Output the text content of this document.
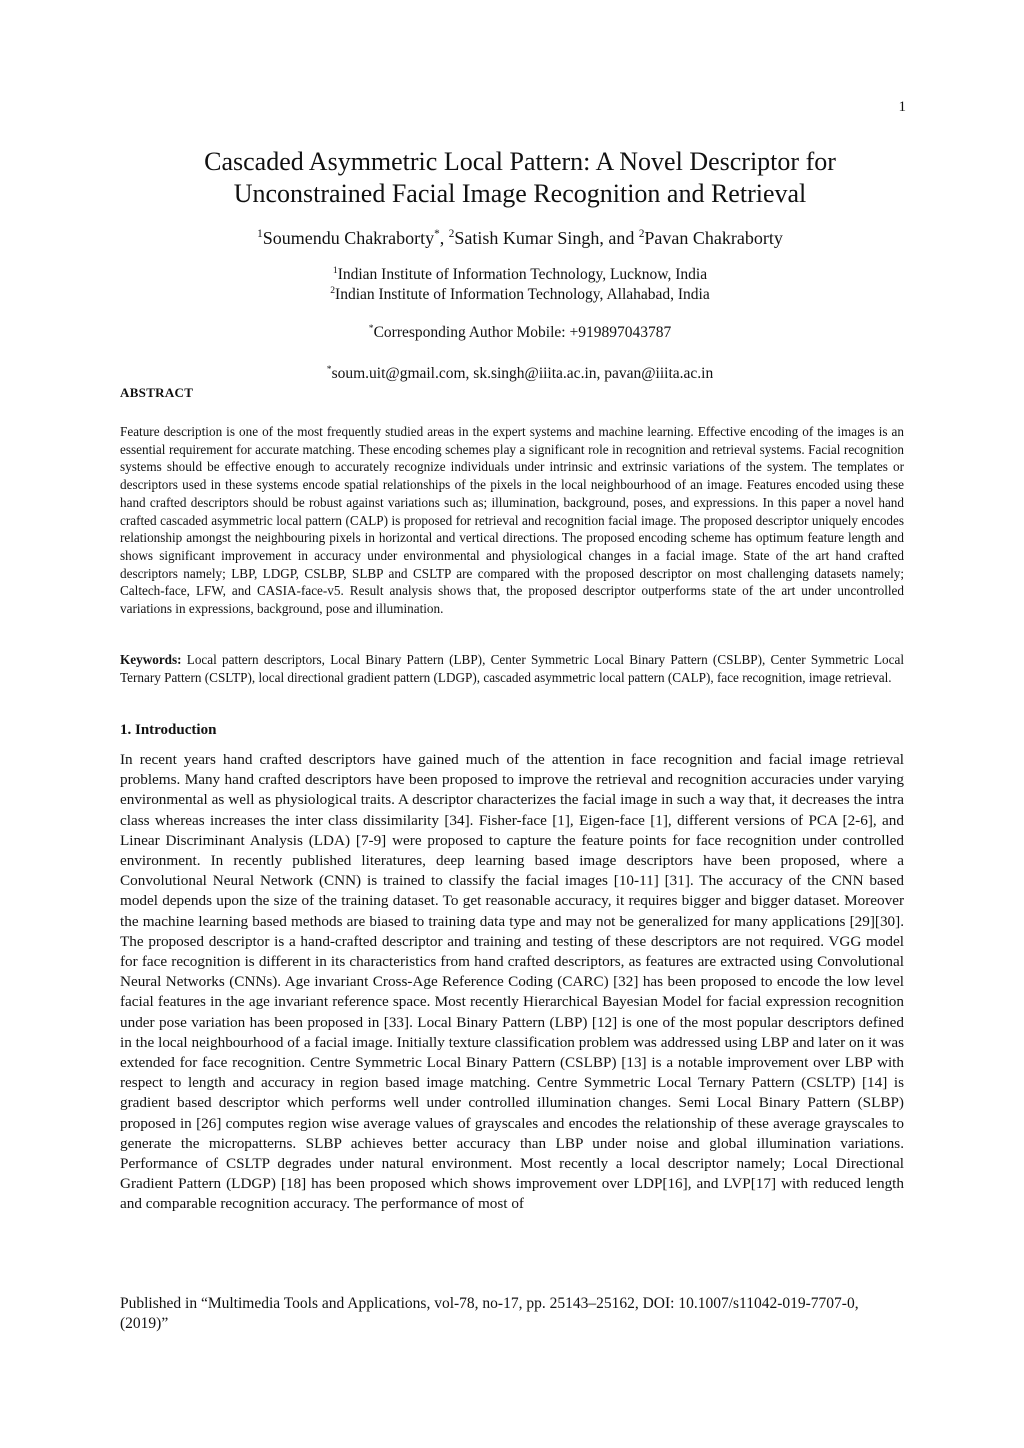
1
Cascaded Asymmetric Local Pattern: A Novel Descriptor for
Unconstrained Facial Image Recognition and Retrieval
$^1$Soumendu Chakraborty*, $^2$Satish Kumar Singh, and $^2$Pavan Chakraborty
$^1$Indian Institute of Information Technology, Lucknow, India
$^2$Indian Institute of Information Technology, Allahabad, India
*Corresponding Author Mobile: +919897043787
*soum.uit@gmail.com, sk.singh@iiita.ac.in, pavan@iiita.ac.in
ABSTRACT

Feature description is one of the most frequently studied areas in the expert systems and machine learning. Effective encoding of the images is an essential requirement for accurate matching. These encoding schemes play a significant role in recognition and retrieval systems. Facial recognition systems should be effective enough to accurately recognize individuals under intrinsic and extrinsic variations of the system. The templates or descriptors used in these systems encode spatial relationships of the pixels in the local neighbourhood of an image. Features encoded using these hand crafted descriptors should be robust against variations such as; illumination, background, poses, and expressions. In this paper a novel hand crafted cascaded asymmetric local pattern (CALP) is proposed for retrieval and recognition facial image. The proposed descriptor uniquely encodes relationship amongst the neighbouring pixels in horizontal and vertical directions. The proposed encoding scheme has optimum feature length and shows significant improvement in accuracy under environmental and physiological changes in a facial image. State of the art hand crafted descriptors namely; LBP, LDGP, CSLBP, SLBP and CSLTP are compared with the proposed descriptor on most challenging datasets namely; Caltech-face, LFW, and CASIA-face-v5. Result analysis shows that, the proposed descriptor outperforms state of the art under uncontrolled variations in expressions, background, pose and illumination.

Keywords: Local pattern descriptors, Local Binary Pattern (LBP), Center Symmetric Local Binary Pattern (CSLBP), Center Symmetric Local Ternary Pattern (CSLTP), local directional gradient pattern (LDGP), cascaded asymmetric local pattern (CALP), face recognition, image retrieval.

1. Introduction

In recent years hand crafted descriptors have gained much of the attention in face recognition and facial image retrieval problems. Many hand crafted descriptors have been proposed to improve the retrieval and recognition accuracies under varying environmental as well as physiological traits. A descriptor characterizes the facial image in such a way that, it decreases the intra class whereas increases the inter class dissimilarity [34]. Fisher-face [1], Eigen-face [1], different versions of PCA [2-6], and Linear Discriminant Analysis (LDA) [7-9] were proposed to capture the feature points for face recognition under controlled environment. In recently published literatures, deep learning based image descriptors have been proposed, where a Convolutional Neural Network (CNN) is trained to classify the facial images [10-11] [31]. The accuracy of the CNN based model depends upon the size of the training dataset. To get reasonable accuracy, it requires bigger and bigger dataset. Moreover the machine learning based methods are biased to training data type and may not be generalized for many applications [29][30]. The proposed descriptor is a hand-crafted descriptor and training and testing of these descriptors are not required. VGG model for face recognition is different in its characteristics from hand crafted descriptors, as features are extracted using Convolutional Neural Networks (CNNs). Age invariant Cross-Age Reference Coding (CARC) [32] has been proposed to encode the low level facial features in the age invariant reference space. Most recently Hierarchical Bayesian Model for facial expression recognition under pose variation has been proposed in [33]. Local Binary Pattern (LBP) [12] is one of the most popular descriptors defined in the local neighbourhood of a facial image. Initially texture classification problem was addressed using LBP and later on it was extended for face recognition. Centre Symmetric Local Binary Pattern (CSLBP) [13] is a notable improvement over LBP with respect to length and accuracy in region based image matching. Centre Symmetric Local Ternary Pattern (CSLTP) [14] is gradient based descriptor which performs well under controlled illumination changes. Semi Local Binary Pattern (SLBP) proposed in [26] computes region wise average values of grayscales and encodes the relationship of these average grayscales to generate the micropatterns. SLBP achieves better accuracy than LBP under noise and global illumination variations. Performance of CSLTP degrades under natural environment. Most recently a local descriptor namely; Local Directional Gradient Pattern (LDGP) [18] has been proposed which shows improvement over LDP[16], and LVP[17] with reduced length and comparable recognition accuracy. The performance of most of

Published in “Multimedia Tools and Applications, vol-78, no-17, pp. 25143–25162, DOI: 10.1007/s11042-019-7707-0, (2019)”
